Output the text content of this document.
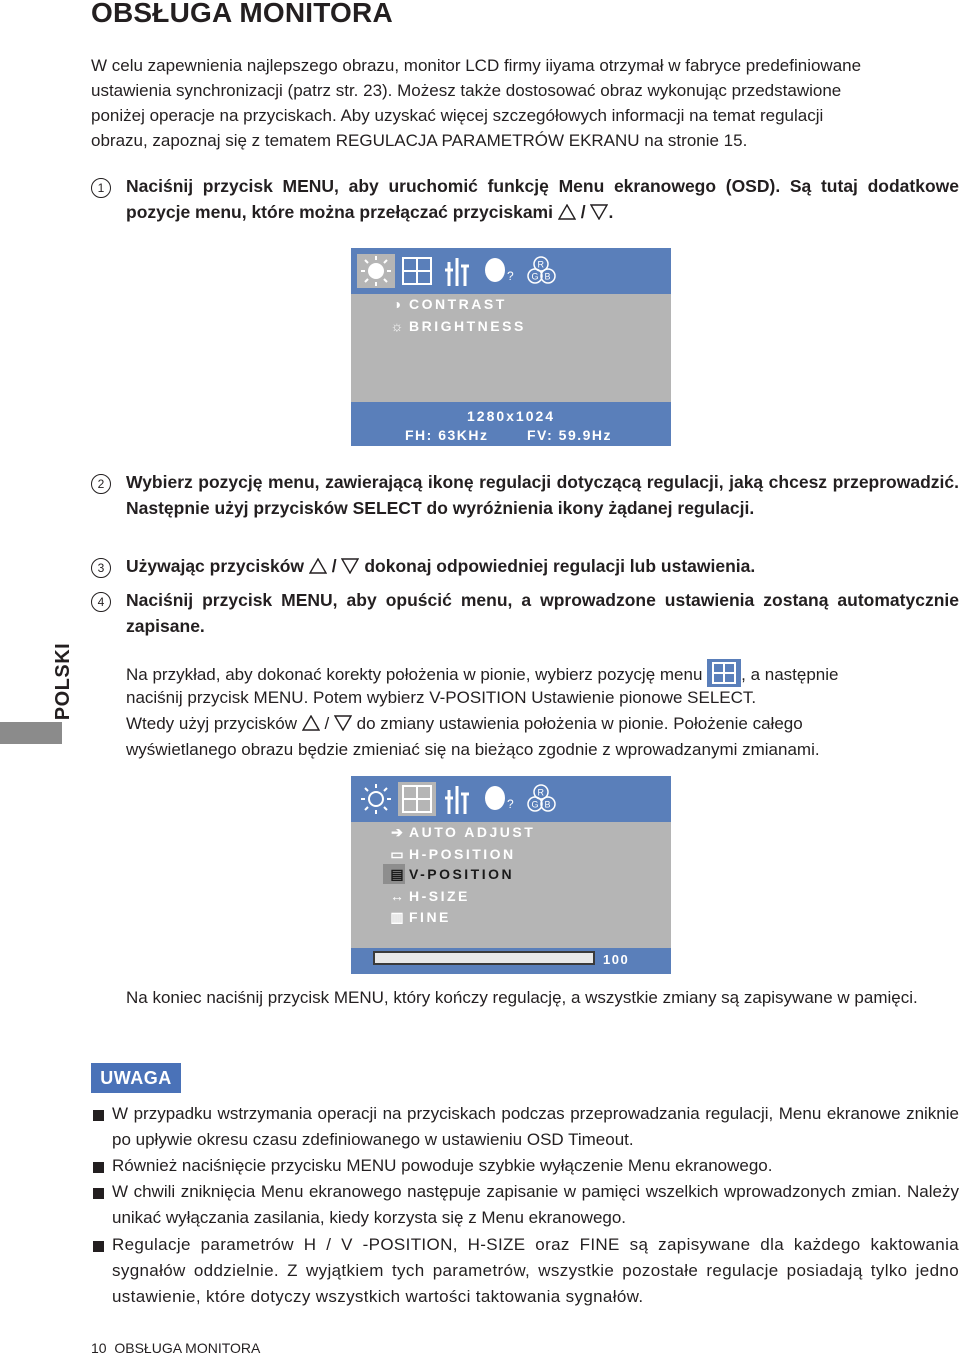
OBSŁUGA MONITORA
W celu zapewnienia najlepszego obrazu, monitor LCD firmy iiyama otrzymał w fabryce predefiniowane
ustawienia synchronizacji (patrz str. 23). Możesz także dostosować obraz wykonując przedstawione
poniżej operacje na przyciskach. Aby uzyskać więcej szczegółowych informacji na temat regulacji
obrazu, zapoznaj się z tematem REGULACJA PARAMETRÓW EKRANU na stronie 15.
1	Naciśnij przycisk MENU, aby uruchomić funkcję Menu ekranowego (OSD). Są tutaj dodatkowe pozycje menu, które można przełączać przyciskami  / .
?
R
G B
◑ CONTRAST
☼ BRIGHTNESS
1280x1024
FH: 63KHz	FV: 59.9Hz
2	Wybierz pozycję menu, zawierającą ikonę regulacji dotyczącą regulacji, jaką chcesz przeprowadzić. Następnie użyj przycisków SELECT do wyróżnienia ikony żądanej regulacji.
3	Używając przycisków  /  dokonaj odpowiedniej regulacji lub ustawienia.
4	Naciśnij przycisk MENU, aby opuścić menu, a wprowadzone ustawienia zostaną automatycznie zapisane.
POLSKI	Na przykład, aby dokonać korekty położenia w pionie, wybierz pozycję menu , a następnie
naciśnij przycisk MENU. Potem wybierz V-POSITION Ustawienie pionowe SELECT.
Wtedy użyj przycisków  /  do zmiany ustawienia położenia w pionie. Położenie całego
wyświetlanego obrazu będzie zmieniać się na bieżąco zgodnie z wprowadzanymi zmianami.
?
R
G B
➔ AUTO ADJUST
▭ H-POSITION
▤ V-POSITION
↔ H-SIZE
▥ FINE
100
Na koniec naciśnij przycisk MENU, który kończy regulację, a wszystkie zmiany są zapisywane w pamięci.
UWAGA
W przypadku wstrzymania operacji na przyciskach podczas przeprowadzania regulacji, Menu ekranowe zniknie po upływie okresu czasu zdefiniowanego w ustawieniu OSD Timeout.
Również naciśnięcie przycisku MENU powoduje szybkie wyłączenie Menu ekranowego.
W chwili zniknięcia Menu ekranowego następuje zapisanie w pamięci wszelkich wprowadzonych zmian. Należy unikać wyłączania zasilania, kiedy korzysta się z Menu ekranowego.
Regulacje parametrów H / V -POSITION, H-SIZE oraz FINE są zapisywane dla każdego kaktowania sygnałów oddzielnie. Z wyjątkiem tych parametrów, wszystkie pozostałe regulacje posiadają tylko jedno ustawienie, które dotyczy wszystkich wartości taktowania sygnałów.
10 OBSŁUGA MONITORA
